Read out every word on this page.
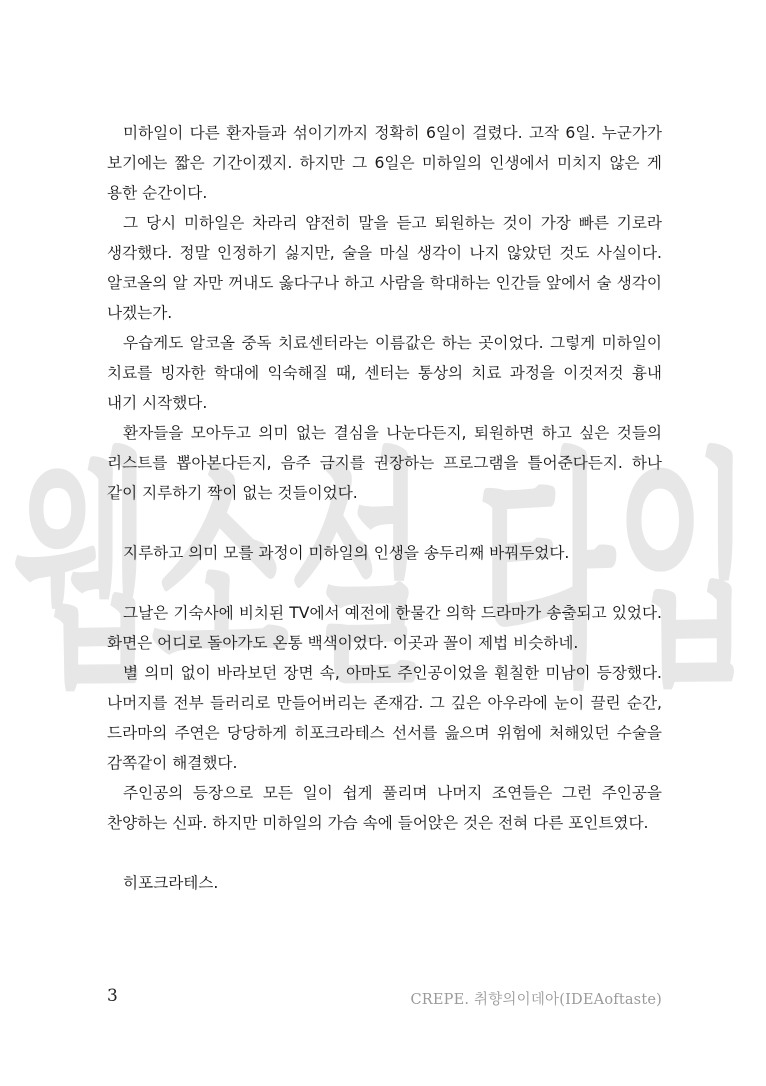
웹소설 타입

미하일이 다른 환자들과 섞이기까지 정확히 6일이 걸렸다. 고작 6일. 누군가가 보기에는 짧은 기간이겠지. 하지만 그 6일은 미하일의 인생에서 미치지 않은 게 용한 순간이다.

그 당시 미하일은 차라리 얌전히 말을 듣고 퇴원하는 것이 가장 빠른 기로라 생각했다. 정말 인정하기 싫지만, 술을 마실 생각이 나지 않았던 것도 사실이다. 알코올의 알 자만 꺼내도 옳다구나 하고 사람을 학대하는 인간들 앞에서 술 생각이 나겠는가.

우습게도 알코올 중독 치료센터라는 이름값은 하는 곳이었다. 그렇게 미하일이 치료를 빙자한 학대에 익숙해질 때, 센터는 통상의 치료 과정을 이것저것 흉내 내기 시작했다.

환자들을 모아두고 의미 없는 결심을 나눈다든지, 퇴원하면 하고 싶은 것들의 리스트를 뽑아본다든지, 음주 금지를 권장하는 프로그램을 틀어준다든지. 하나 같이 지루하기 짝이 없는 것들이었다.

지루하고 의미 모를 과정이 미하일의 인생을 송두리째 바꿔두었다.

그날은 기숙사에 비치된 TV에서 예전에 한물간 의학 드라마가 송출되고 있었다. 화면은 어디로 돌아가도 온통 백색이었다. 이곳과 꼴이 제법 비슷하네.

별 의미 없이 바라보던 장면 속, 아마도 주인공이었을 훤칠한 미남이 등장했다. 나머지를 전부 들러리로 만들어버리는 존재감. 그 깊은 아우라에 눈이 끌린 순간, 드라마의 주연은 당당하게 히포크라테스 선서를 읊으며 위험에 처해있던 수술을 감쪽같이 해결했다.

주인공의 등장으로 모든 일이 쉽게 풀리며 나머지 조연들은 그런 주인공을 찬양하는 신파. 하지만 미하일의 가슴 속에 들어앉은 것은 전혀 다른 포인트였다.

히포크라테스.

3	CREPE. 취향의이데아(IDEAoftaste)
